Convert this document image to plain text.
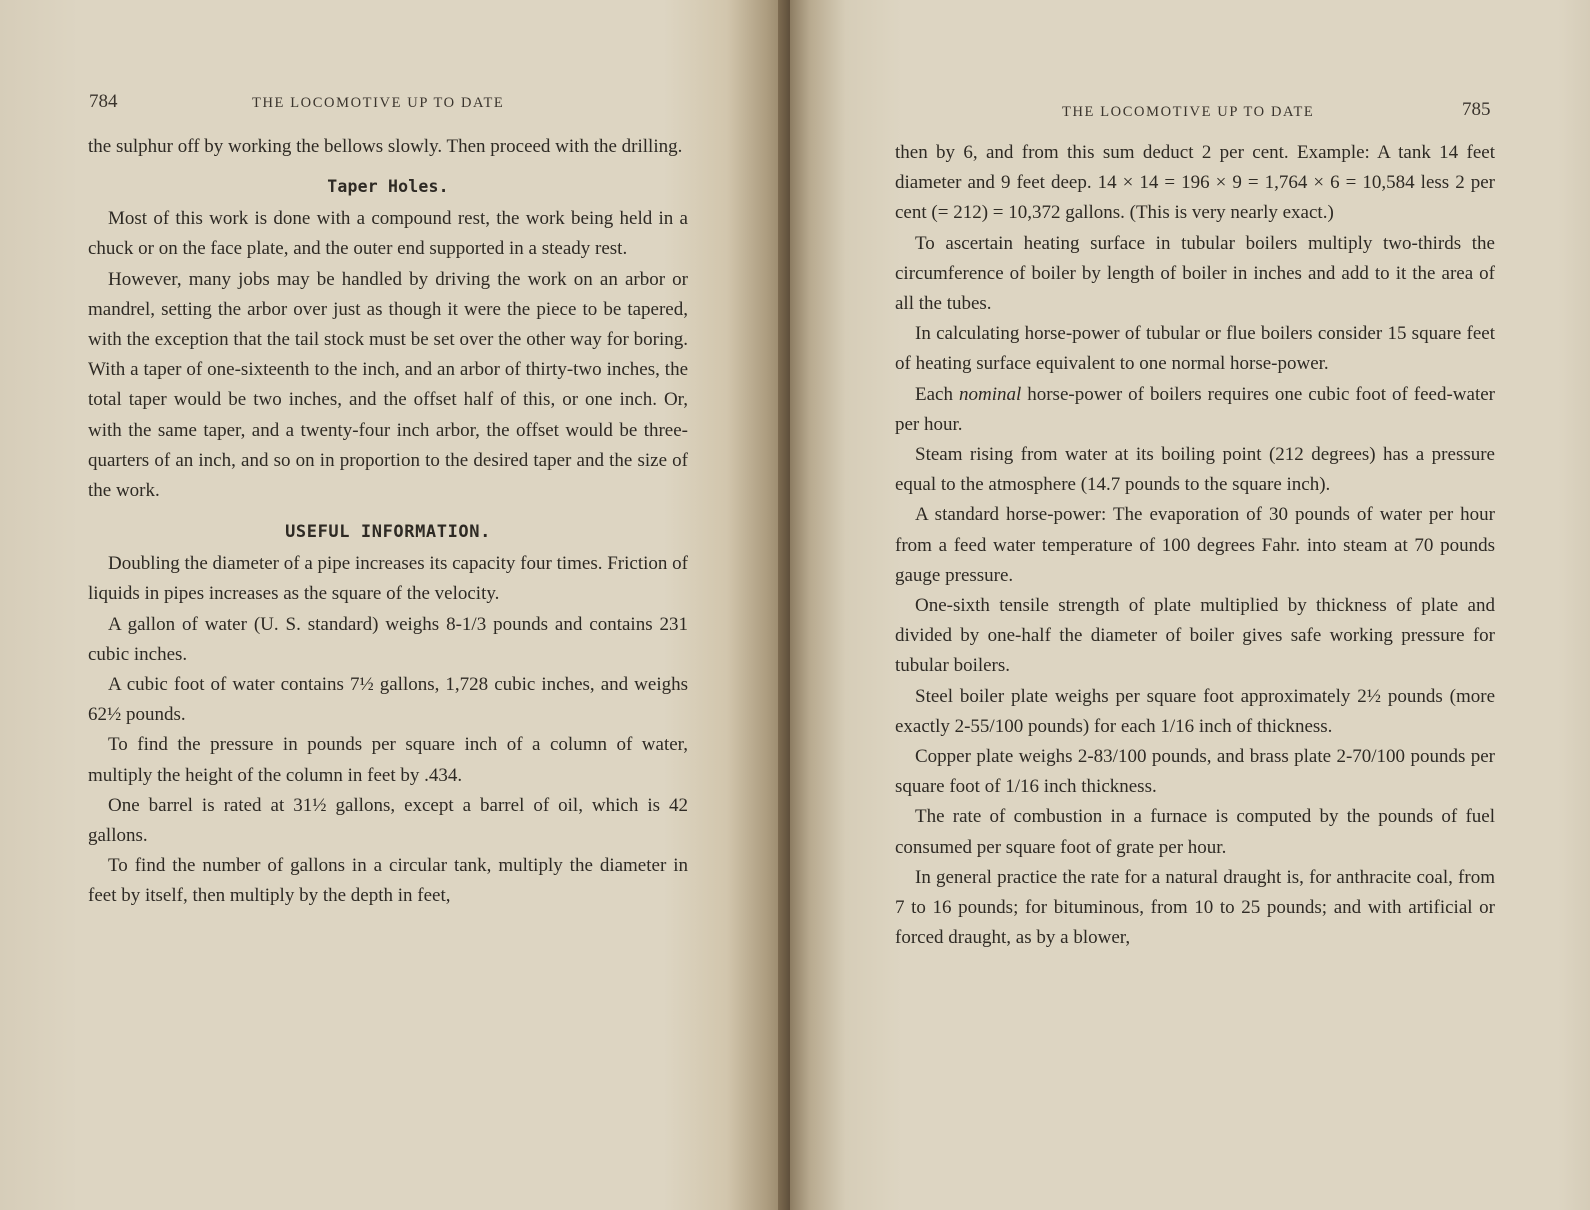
784	THE LOCOMOTIVE UP TO DATE

the sulphur off by working the bellows slowly. Then proceed with the drilling.

Taper Holes.

Most of this work is done with a compound rest, the work being held in a chuck or on the face plate, and the outer end supported in a steady rest.

However, many jobs may be handled by driving the work on an arbor or mandrel, setting the arbor over just as though it were the piece to be tapered, with the exception that the tail stock must be set over the other way for boring. With a taper of one-sixteenth to the inch, and an arbor of thirty-two inches, the total taper would be two inches, and the offset half of this, or one inch. Or, with the same taper, and a twenty-four inch arbor, the offset would be three-quarters of an inch, and so on in proportion to the desired taper and the size of the work.

USEFUL INFORMATION.

Doubling the diameter of a pipe increases its capacity four times. Friction of liquids in pipes increases as the square of the velocity.

A gallon of water (U. S. standard) weighs 8-1/3 pounds and contains 231 cubic inches.

A cubic foot of water contains 7½ gallons, 1,728 cubic inches, and weighs 62½ pounds.

To find the pressure in pounds per square inch of a column of water, multiply the height of the column in feet by .434.

One barrel is rated at 31½ gallons, except a barrel of oil, which is 42 gallons.

To find the number of gallons in a circular tank, multiply the diameter in feet by itself, then multiply by the depth in feet,

THE LOCOMOTIVE UP TO DATE	785

then by 6, and from this sum deduct 2 per cent. Example: A tank 14 feet diameter and 9 feet deep. 14 × 14 = 196 × 9 = 1,764 × 6 = 10,584 less 2 per cent (= 212) = 10,372 gallons. (This is very nearly exact.)

To ascertain heating surface in tubular boilers multiply two-thirds the circumference of boiler by length of boiler in inches and add to it the area of all the tubes.

In calculating horse-power of tubular or flue boilers consider 15 square feet of heating surface equivalent to one normal horse-power.

Each nominal horse-power of boilers requires one cubic foot of feed-water per hour.

Steam rising from water at its boiling point (212 degrees) has a pressure equal to the atmosphere (14.7 pounds to the square inch).

A standard horse-power: The evaporation of 30 pounds of water per hour from a feed water temperature of 100 degrees Fahr. into steam at 70 pounds gauge pressure.

One-sixth tensile strength of plate multiplied by thickness of plate and divided by one-half the diameter of boiler gives safe working pressure for tubular boilers.

Steel boiler plate weighs per square foot approximately 2½ pounds (more exactly 2-55/100 pounds) for each 1/16 inch of thickness.

Copper plate weighs 2-83/100 pounds, and brass plate 2-70/100 pounds per square foot of 1/16 inch thickness.

The rate of combustion in a furnace is computed by the pounds of fuel consumed per square foot of grate per hour.

In general practice the rate for a natural draught is, for anthracite coal, from 7 to 16 pounds; for bituminous, from 10 to 25 pounds; and with artificial or forced draught, as by a blower,
